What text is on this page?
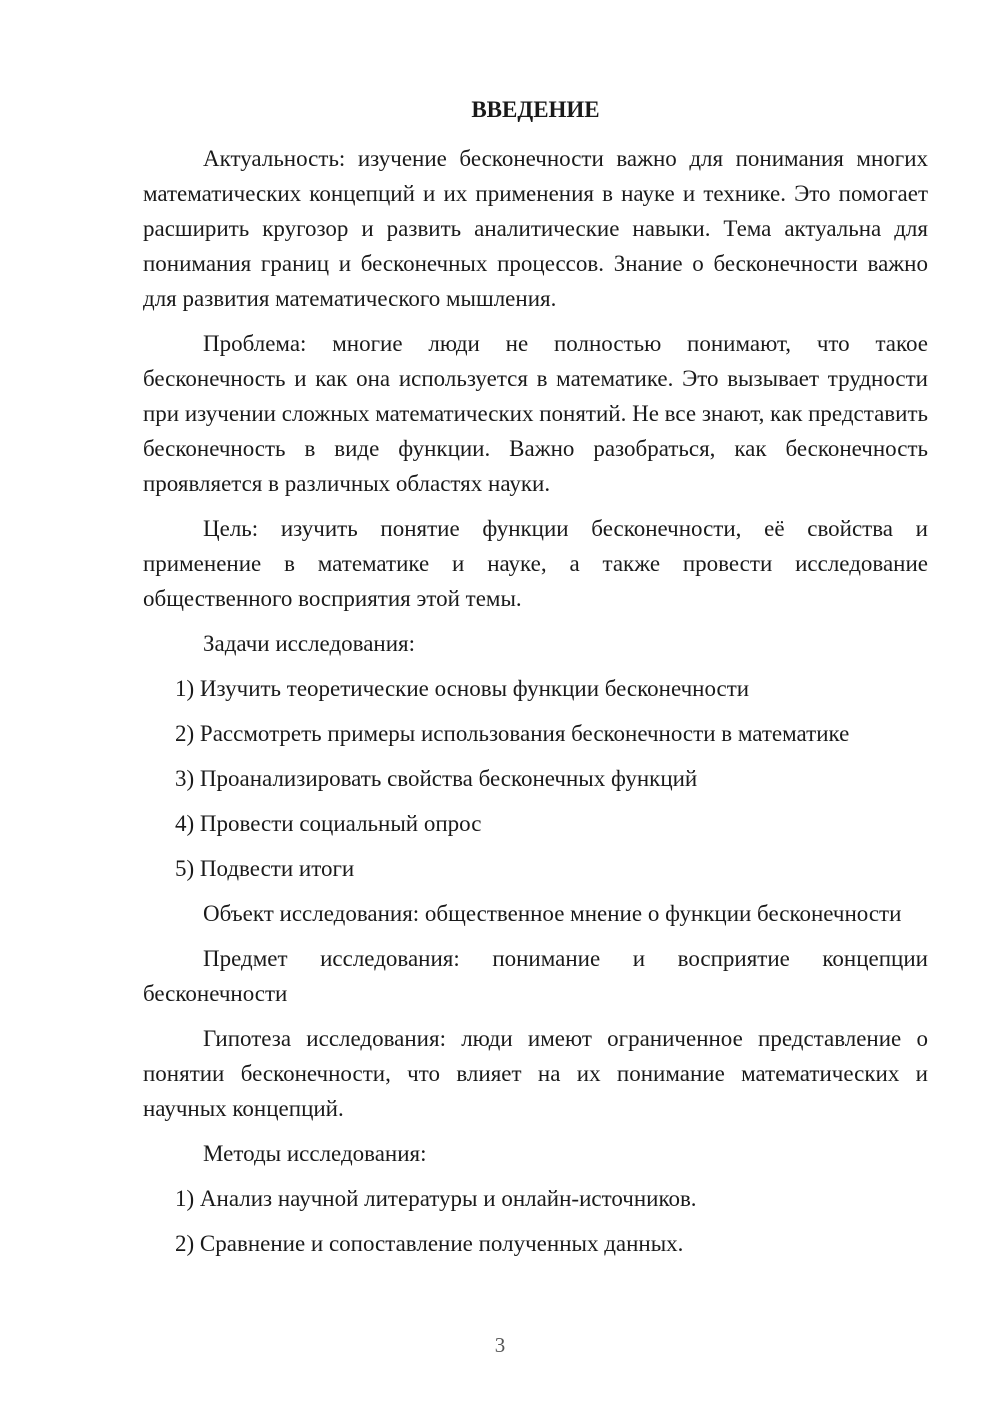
ВВЕДЕНИЕ

Актуальность: изучение бесконечности важно для понимания многих математических концепций и их применения в науке и технике. Это помогает расширить кругозор и развить аналитические навыки. Тема актуальна для понимания границ и бесконечных процессов. Знание о бесконечности важно для развития математического мышления.

Проблема: многие люди не полностью понимают, что такое бесконечность и как она используется в математике. Это вызывает трудности при изучении сложных математических понятий. Не все знают, как представить бесконечность в виде функции. Важно разобраться, как бесконечность проявляется в различных областях науки.

Цель: изучить понятие функции бесконечности, её свойства и применение в математике и науке, а также провести исследование общественного восприятия этой темы.

Задачи исследования:

1) Изучить теоретические основы функции бесконечности
2) Рассмотреть примеры использования бесконечности в математике
3) Проанализировать свойства бесконечных функций
4) Провести социальный опрос
5) Подвести итоги

Объект исследования: общественное мнение о функции бесконечности

Предмет исследования: понимание и восприятие концепции бесконечности

Гипотеза исследования: люди имеют ограниченное представление о понятии бесконечности, что влияет на их понимание математических и научных концепций.

Методы исследования:

1) Анализ научной литературы и онлайн-источников.
2) Сравнение и сопоставление полученных данных.
3
